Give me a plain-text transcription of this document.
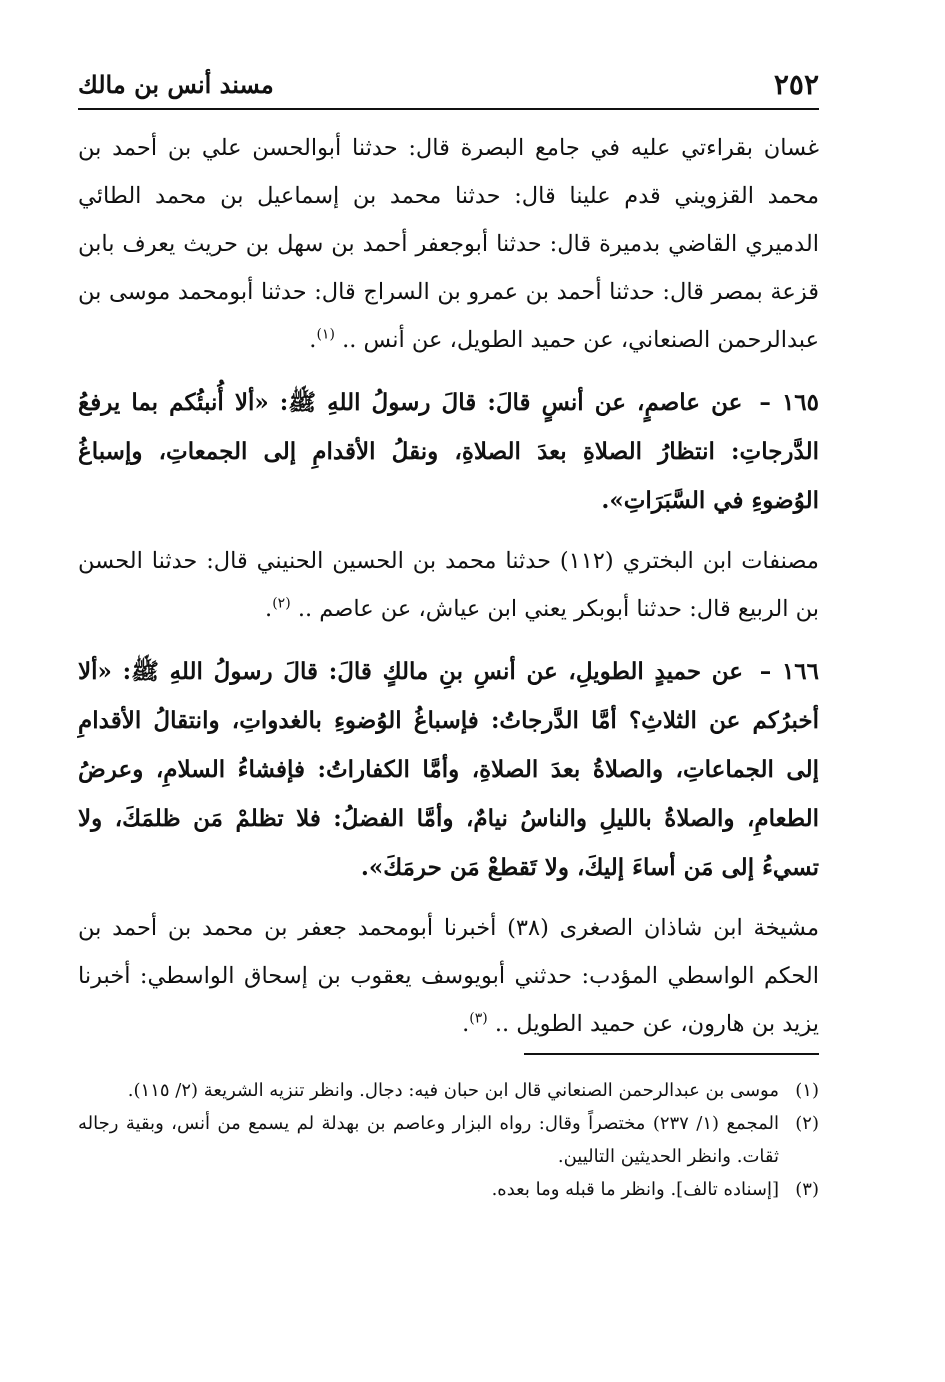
٢٥٢
مسند أنس بن مالك

غسان بقراءتي عليه في جامع البصرة قال: حدثنا أبوالحسن علي بن أحمد بن محمد القزويني قدم علينا قال: حدثنا محمد بن إسماعيل بن محمد الطائي الدميري القاضي بدميرة قال: حدثنا أبوجعفر أحمد بن سهل بن حريث يعرف بابن قزعة بمصر قال: حدثنا أحمد بن عمرو بن السراج قال: حدثنا أبومحمد موسى بن عبدالرحمن الصنعاني، عن حميد الطويل، عن أنس .. $^{(١)}$.

١٦٥ – عن عاصمٍ، عن أنسٍ قالَ: قالَ رسولُ اللهِ ﷺ: «ألا أُنبئُكم بما يرفعُ الدَّرجاتِ: انتظارُ الصلاةِ بعدَ الصلاةِ، ونقلُ الأقدامِ إلى الجمعاتِ، وإسباغُ الوُضوءِ في السَّبَرَاتِ».

مصنفات ابن البختري (١١٢) حدثنا محمد بن الحسين الحنيني قال: حدثنا الحسن بن الربيع قال: حدثنا أبوبكر يعني ابن عياش، عن عاصم .. $^{(٢)}$.

١٦٦ – عن حميدٍ الطويلِ، عن أنسِ بنِ مالكٍ قالَ: قالَ رسولُ اللهِ ﷺ: «ألا أخبرُكم عن الثلاثِ؟ أمَّا الدَّرجاتُ: فإسباغُ الوُضوءِ بالغدواتِ، وانتقالُ الأقدامِ إلى الجماعاتِ، والصلاةُ بعدَ الصلاةِ، وأمَّا الكفاراتُ: فإفشاءُ السلامِ، وعرضُ الطعامِ، والصلاةُ بالليلِ والناسُ نيامٌ، وأمَّا الفضلُ: فلا تظلمْ مَن ظلمَكَ، ولا تسيءُ إلى مَن أساءَ إليكَ، ولا تَقطعْ مَن حرمَكَ».

مشيخة ابن شاذان الصغرى (٣٨) أخبرنا أبومحمد جعفر بن محمد بن أحمد بن الحكم الواسطي المؤدب: حدثني أبويوسف يعقوب بن إسحاق الواسطي: أخبرنا يزيد بن هارون، عن حميد الطويل .. $^{(٣)}$.

(١)
موسى بن عبدالرحمن الصنعاني قال ابن حبان فيه: دجال. وانظر تنزيه الشريعة (٢/ ١١٥).

(٢)
المجمع (١/ ٢٣٧) مختصراً وقال: رواه البزار وعاصم بن بهدلة لم يسمع من أنس، وبقية رجاله ثقات. وانظر الحديثين التاليين.

(٣)
[إسناده تالف]. وانظر ما قبله وما بعده.
